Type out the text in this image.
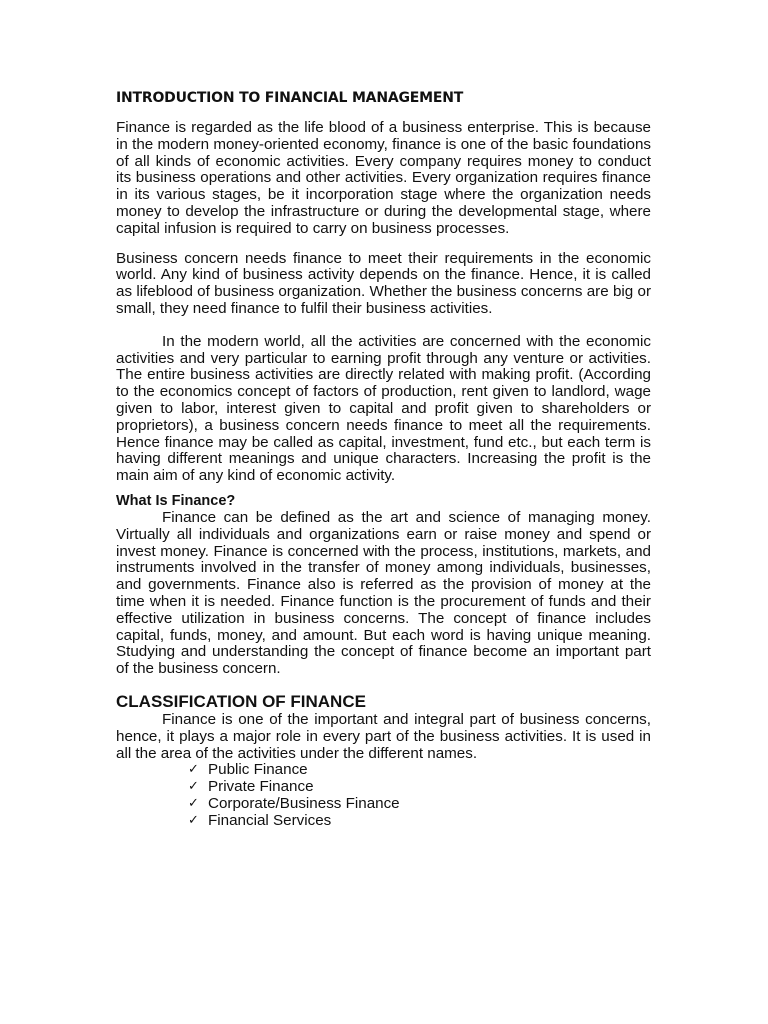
INTRODUCTION TO FINANCIAL MANAGEMENT

Finance is regarded as the life blood of a business enterprise. This is because in the modern money-oriented economy, finance is one of the basic foundations of all kinds of economic activities. Every company requires money to conduct its business operations and other activities. Every organization requires finance in its various stages, be it incorporation stage where the organization needs money to develop the infrastructure or during the developmental stage, where capital infusion is required to carry on business processes.

Business concern needs finance to meet their requirements in the economic world. Any kind of business activity depends on the finance. Hence, it is called as lifeblood of business organization. Whether the business concerns are big or small, they need finance to fulfil their business activities.

In the modern world, all the activities are concerned with the economic activities and very particular to earning profit through any venture or activities. The entire business activities are directly related with making profit. (According to the economics concept of factors of production, rent given to landlord, wage given to labor, interest given to capital and profit given to shareholders or proprietors), a business concern needs finance to meet all the requirements. Hence finance may be called as capital, investment, fund etc., but each term is having different meanings and unique characters. Increasing the profit is the main aim of any kind of economic activity.

What Is Finance?

Finance can be defined as the art and science of managing money. Virtually all individuals and organizations earn or raise money and spend or invest money. Finance is concerned with the process, institutions, markets, and instruments involved in the transfer of money among individuals, businesses, and governments. Finance also is referred as the provision of money at the time when it is needed. Finance function is the procurement of funds and their effective utilization in business concerns. The concept of finance includes capital, funds, money, and amount. But each word is having unique meaning. Studying and understanding the concept of finance become an important part of the business concern.

CLASSIFICATION OF FINANCE

Finance is one of the important and integral part of business concerns, hence, it plays a major role in every part of the business activities. It is used in all the area of the activities under the different names.

✓ Public Finance
✓ Private Finance
✓ Corporate/Business Finance
✓ Financial Services
